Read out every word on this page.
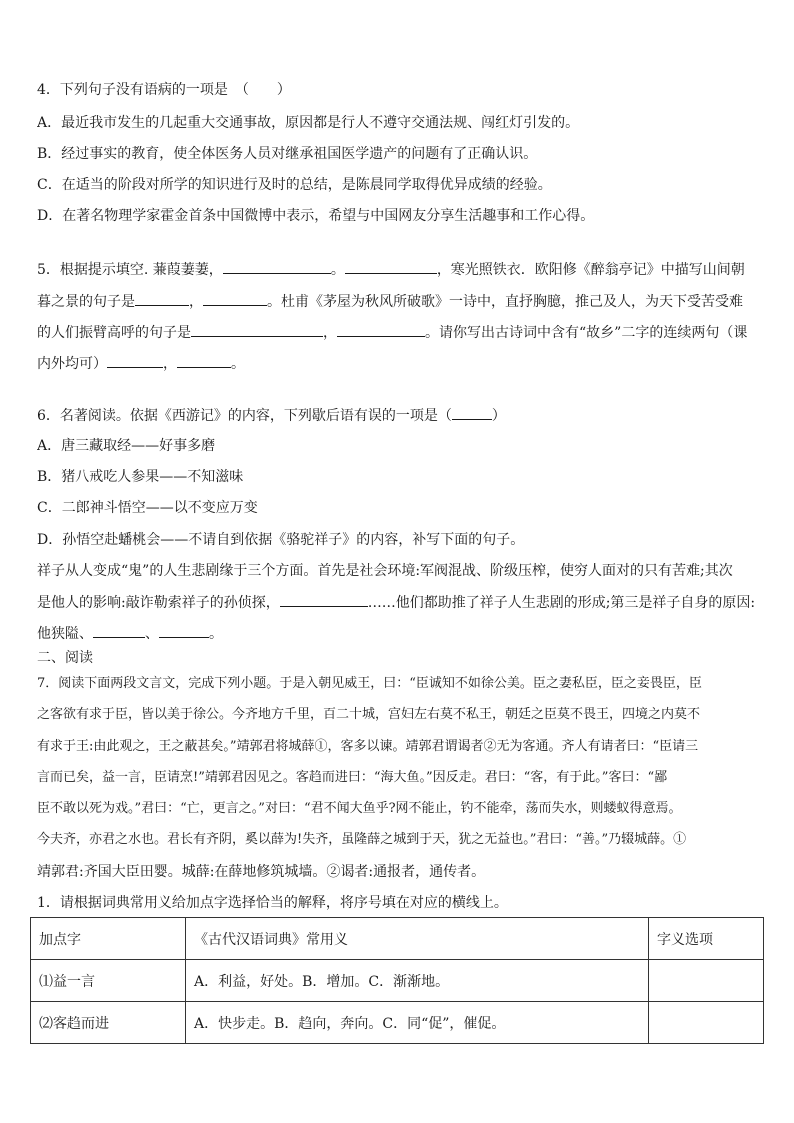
4．下列句子没有语病的一项是　（　　）
A．最近我市发生的几起重大交通事故，原因都是行人不遵守交通法规、闯红灯引发的。
B．经过事实的教育，使全体医务人员对继承祖国医学遗产的问题有了正确认识。
C．在适当的阶段对所学的知识进行及时的总结，是陈晨同学取得优异成绩的经验。
D．在著名物理学家霍金首条中国微博中表示，希望与中国网友分享生活趣事和工作心得。
5．根据提示填空. 蒹葭萋萋，	。	，寒光照铁衣．欧阳修《醉翁亭记》中描写山间朝
暮之景的句子是	，	。杜甫《茅屋为秋风所破歌》一诗中，直抒胸臆，推己及人，为天下受苦受难
的人们振臂高呼的句子是	，	。请你写出古诗词中含有“故乡”二字的连续两句（课
内外均可）	，	。
6．名著阅读。依据《西游记》的内容，下列歇后语有误的一项是（	）
A．唐三藏取经——好事多磨
B．猪八戒吃人参果——不知滋味
C．二郎神斗悟空——以不变应万变
D．孙悟空赴蟠桃会——不请自到依据《骆驼祥子》的内容，补写下面的句子。
祥子从人变成“鬼”的人生悲剧缘于三个方面。首先是社会环境:军阀混战、阶级压榨，使穷人面对的只有苦难;其次
是他人的影响:敲诈勒索祥子的孙侦探，	……他们都助推了祥子人生悲剧的形成;第三是祥子自身的原因:
他狭隘、	、	。
二、阅读
7．阅读下面两段文言文，完成下列小题。于是入朝见威王，曰：“臣诚知不如徐公美。臣之妻私臣，臣之妾畏臣，臣
之客欲有求于臣，皆以美于徐公。今齐地方千里，百二十城，宫妇左右莫不私王，朝廷之臣莫不畏王，四境之内莫不
有求于王:由此观之，王之蔽甚矣。”靖郭君将城薛①，客多以谏。靖郭君谓谒者②无为客通。齐人有请者曰：“臣请三
言而已矣，益一言，臣请烹!”靖郭君因见之。客趋而进曰：“海大鱼。”因反走。君曰：“客，有于此。”客曰：“鄙
臣不敢以死为戏。”君曰：“亡，更言之。”对曰：“君不闻大鱼乎?网不能止，钓不能牵，荡而失水，则蝼蚁得意焉。
今夫齐，亦君之水也。君长有齐阴，奚以薛为!失齐，虽隆薛之城到于天，犹之无益也。”君曰：“善。”乃辍城薛。①
靖郭君:齐国大臣田婴。城薛:在薛地修筑城墙。②谒者:通报者，通传者。
1．请根据词典常用义给加点字选择恰当的解释，将序号填在对应的横线上。
加点字	《古代汉语词典》常用义	字义选项
⑴益一言	A．利益，好处。B．增加。C．渐渐地。	
⑵客趋而进	A．快步走。B．趋向，奔向。C．同“促”，催促。	
